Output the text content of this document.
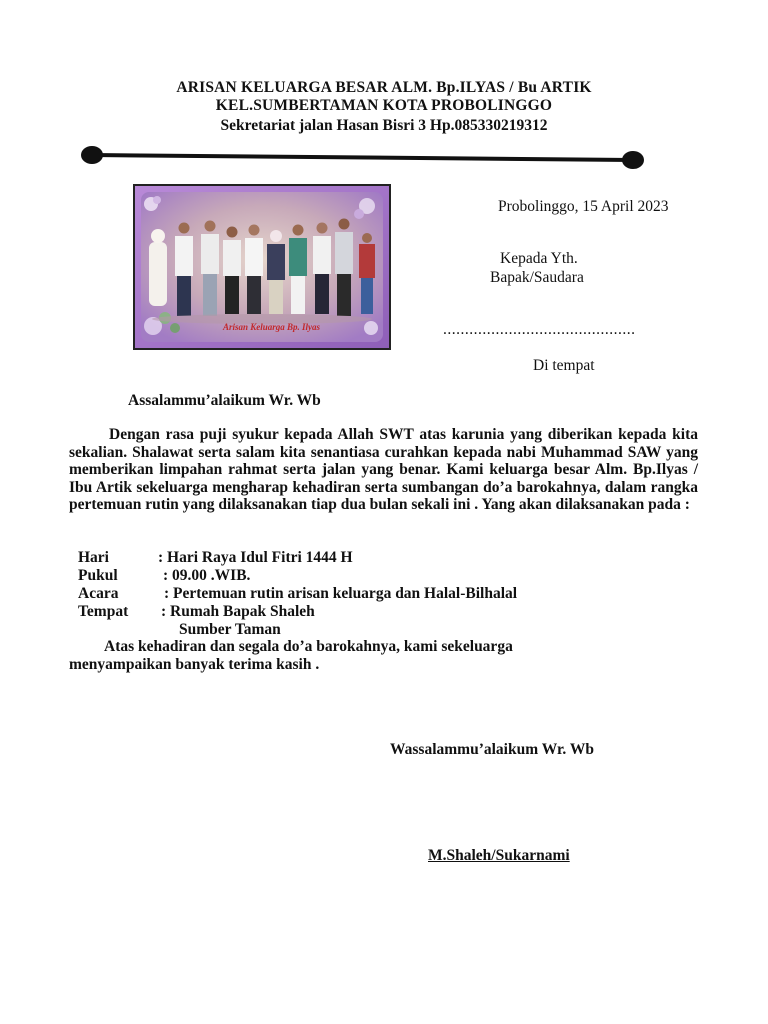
ARISAN KELUARGA BESAR ALM. Bp.ILYAS / Bu ARTIK
KEL.SUMBERTAMAN KOTA PROBOLINGGO
Sekretariat jalan Hasan Bisri 3 Hp.085330219312
Arisan Keluarga Bp. Ilyas
Probolinggo, 15 April 2023
Kepada Yth.
Bapak/Saudara
............................................
Di tempat
Assalammu’alaikum Wr. Wb
Dengan rasa puji syukur kepada Allah SWT atas karunia yang diberikan kepada kita sekalian. Shalawat serta salam kita senantiasa curahkan kepada nabi Muhammad SAW yang memberikan limpahan rahmat serta jalan yang benar. Kami keluarga besar Alm. Bp.Ilyas / Ibu Artik sekeluarga mengharap kehadiran serta sumbangan do’a barokahnya, dalam rangka pertemuan rutin yang dilaksanakan tiap dua bulan sekali ini . Yang akan dilaksanakan pada :
Hari	: Hari Raya Idul Fitri 1444 H
Pukul	: 09.00 .WIB.
Acara	: Pertemuan rutin arisan keluarga dan Halal-Bilhalal
Tempat : Rumah Bapak Shaleh
Sumber Taman
Atas kehadiran dan segala do’a barokahnya, kami sekeluarga menyampaikan banyak terima kasih .
Wassalammu’alaikum Wr. Wb
M.Shaleh/Sukarnami
